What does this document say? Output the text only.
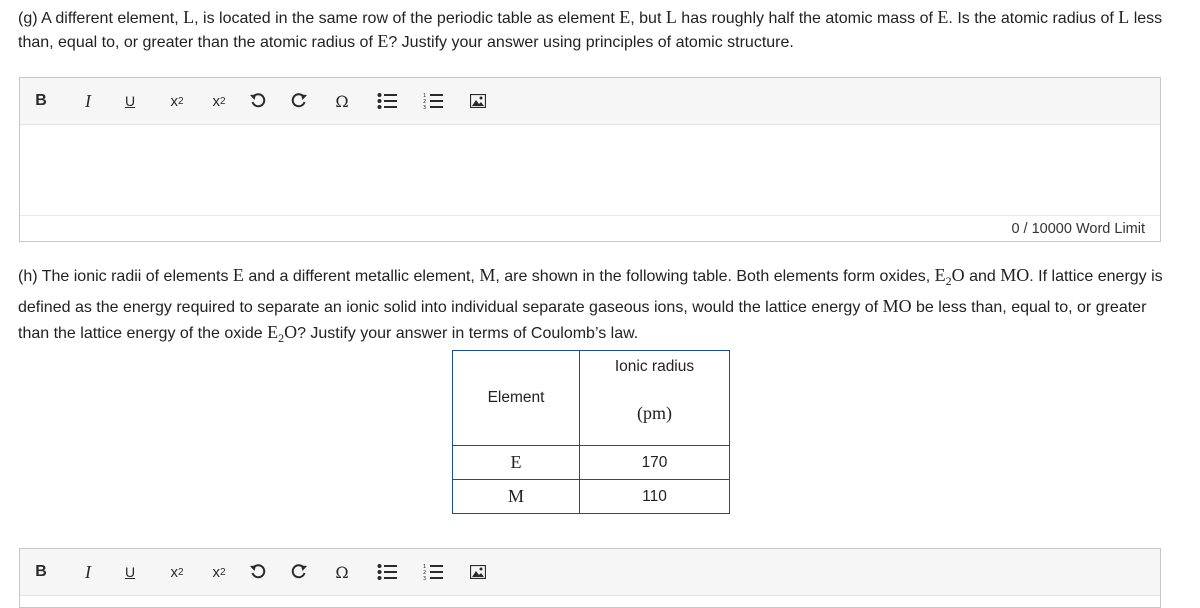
(g) A different element, L, is located in the same row of the periodic table as element E, but L has roughly half the atomic mass of E. Is the atomic radius of L less than, equal to, or greater than the atomic radius of E? Justify your answer using principles of atomic structure.
B	I	U	x 2 x 2	Ω	1
2
3
0 / 10000 Word Limit
(h) The ionic radii of elements E and a different metallic element, M, are shown in the following table. Both elements form oxides, $E_2O$ and MO. If lattice energy is defined as the energy required to separate an ionic solid into individual separate gaseous ions, would the lattice energy of MO be less than, equal to, or greater than the lattice energy of the oxide $E_2O$? Justify your answer in terms of Coulomb’s law.
Element	Ionic radius
(pm)

E	170
M	110
B	I	U	x 2 x 2	Ω	1
2
3
